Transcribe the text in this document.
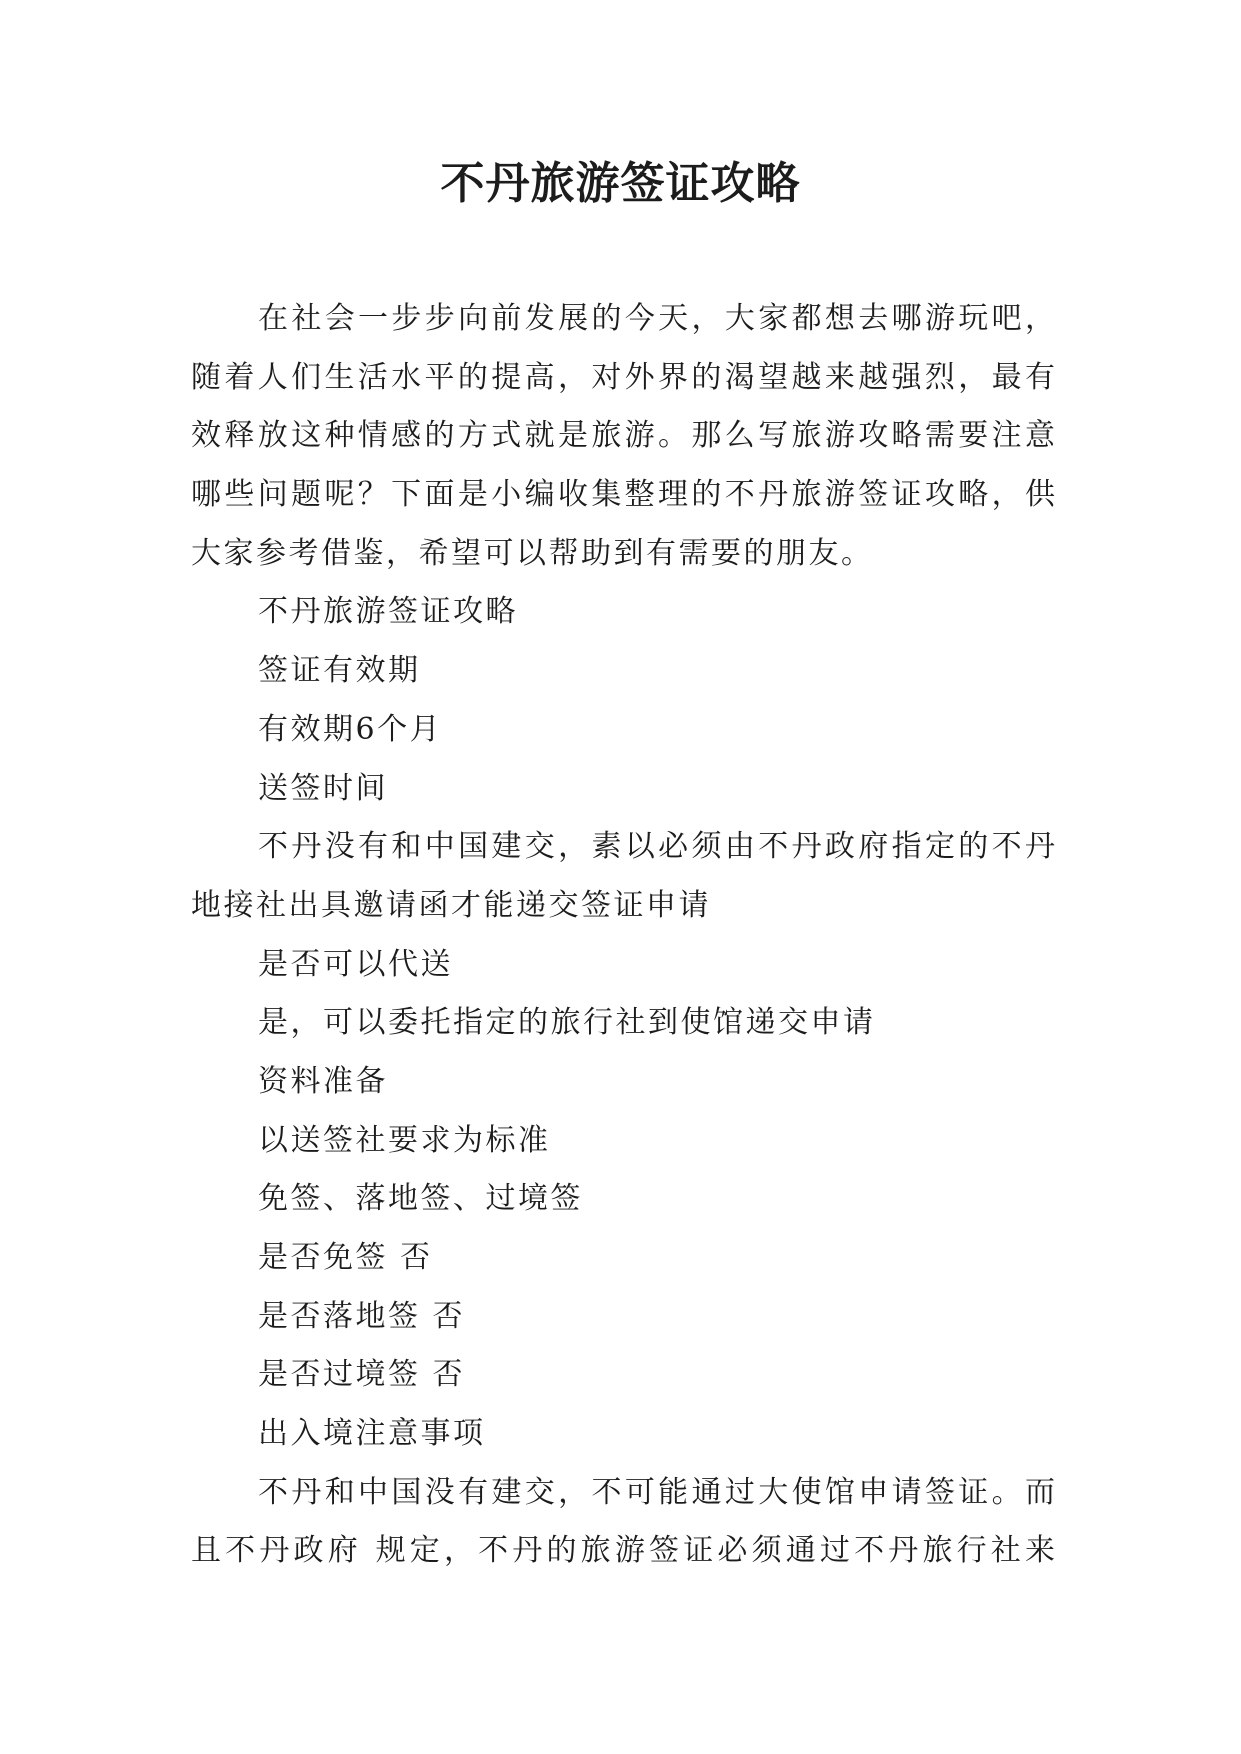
不丹旅游签证攻略
在社会一步步向前发展的今天，大家都想去哪游玩吧，
随着人们生活水平的提高，对外界的渴望越来越强烈，最有
效释放这种情感的方式就是旅游。那么写旅游攻略需要注意
哪些问题呢？下面是小编收集整理的不丹旅游签证攻略，供
大家参考借鉴，希望可以帮助到有需要的朋友。
不丹旅游签证攻略
签证有效期
有效期6个月
送签时间
不丹没有和中国建交，素以必须由不丹政府指定的不丹
地接社出具邀请函才能递交签证申请
是否可以代送
是，可以委托指定的旅行社到使馆递交申请
资料准备
以送签社要求为标准
免签、落地签、过境签
是否免签 否
是否落地签 否
是否过境签 否
出入境注意事项
不丹和中国没有建交，不可能通过大使馆申请签证。而
且不丹政府 规定，不丹的旅游签证必须通过不丹旅行社来
